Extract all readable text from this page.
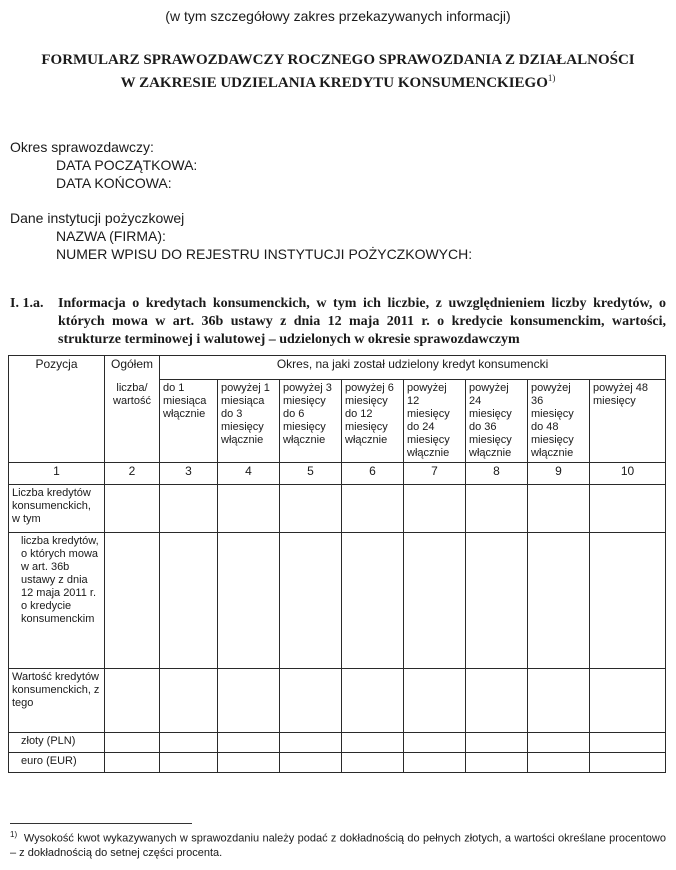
(w tym szczegółowy zakres przekazywanych informacji)
FORMULARZ SPRAWOZDAWCZY ROCZNEGO SPRAWOZDANIA Z DZIAŁALNOŚCI
W ZAKRESIE UDZIELANIA KREDYTU KONSUMENCKIEGO$^{1)}$
Okres sprawozdawczy:
DATA POCZĄTKOWA:
DATA KOŃCOWA:
Dane instytucji pożyczkowej
NAZWA (FIRMA):
NUMER WPISU DO REJESTRU INSTYTUCJI POŻYCZKOWYCH:
I. 1.a. Informacja o kredytach konsumenckich, w tym ich liczbie, z uwzględnieniem liczby kredytów, o których mowa w art. 36b ustawy z dnia 12 maja 2011 r. o kredycie konsumenckim, wartości, strukturze terminowej i walutowej – udzielonych w okresie sprawozdawczym
Pozycja	Ogółem	Okres, na jaki został udzielony kredyt konsumencki								
	liczba/ wartość	do 1 miesiąca włącznie	powyżej 1 miesiąca do 3 miesięcy włącznie	powyżej 3 miesięcy do 6 miesięcy włącznie	powyżej 6 miesięcy do 12 miesięcy włącznie	powyżej 12 miesięcy do 24 miesięcy włącznie	powyżej 24 miesięcy do 36 miesięcy włącznie	powyżej 36 miesięcy do 48 miesięcy włącznie	powyżej 48 miesięcy	
1	2	3	4	5	6	7	8	9	10	
Liczba kredytów konsumenckich, w tym										
liczba kredytów, o których mowa w art. 36b ustawy z dnia 12 maja 2011 r. o kredycie konsumenckim										
Wartość kredytów konsumenckich, z tego										
złoty (PLN)										
euro (EUR)										
$^{1)}$ Wysokość kwot wykazywanych w sprawozdaniu należy podać z dokładnością do pełnych złotych, a wartości określane procentowo – z dokładnością do setnej części procenta.
